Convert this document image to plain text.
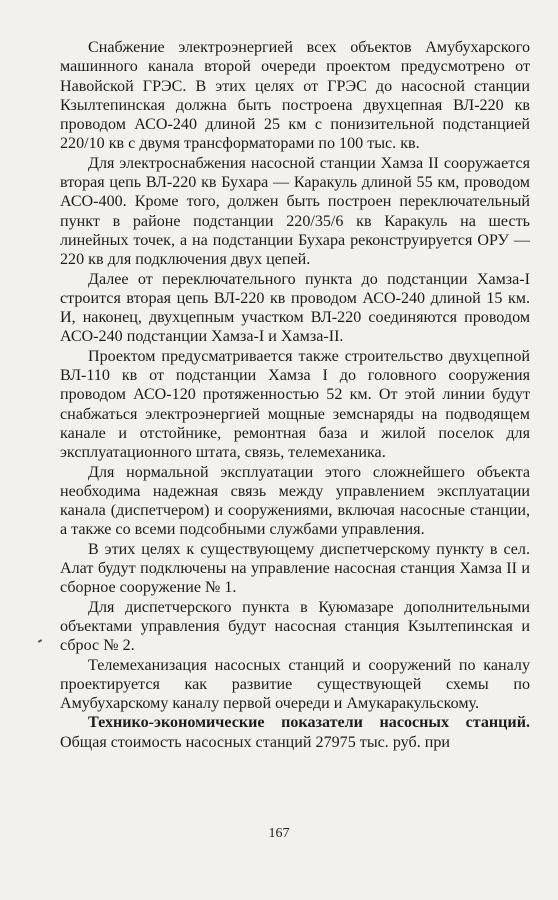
Снабжение электроэнергией всех объектов Амубухарского машинного канала второй очереди проектом предусмотрено от Навойской ГРЭС. В этих целях от ГРЭС до насосной станции Кзылтепинская должна быть построена двухцепная ВЛ-220 кв проводом АСО-240 длиной 25 км с понизительной подстанцией 220/10 кв с двумя трансформаторами по 100 тыс. кв.

Для электроснабжения насосной станции Хамза II сооружается вторая цепь ВЛ-220 кв Бухара — Каракуль длиной 55 км, проводом АСО-400. Кроме того, должен быть построен переключательный пункт в районе подстанции 220/35/6 кв Каракуль на шесть линейных точек, а на подстанции Бухара реконструируется ОРУ — 220 кв для подключения двух цепей.

Далее от переключательного пункта до подстанции Хамза-I строится вторая цепь ВЛ-220 кв проводом АСО-240 длиной 15 км. И, наконец, двухцепным участком ВЛ-220 соединяются проводом АСО-240 подстанции Хамза-I и Хамза-II.

Проектом предусматривается также строительство двухцепной ВЛ-110 кв от подстанции Хамза I до головного сооружения проводом АСО-120 протяженностью 52 км. От этой линии будут снабжаться электроэнергией мощные земснаряды на подводящем канале и отстойнике, ремонтная база и жилой поселок для эксплуатационного штата, связь, телемеханика.

Для нормальной эксплуатации этого сложнейшего объекта необходима надежная связь между управлением эксплуатации канала (диспетчером) и сооружениями, включая насосные станции, а также со всеми подсобными службами управления.

В этих целях к существующему диспетчерскому пункту в сел. Алат будут подключены на управление насосная станция Хамза II и сборное сооружение № 1.

Для диспетчерского пункта в Куюмазаре дополнительными объектами управления будут насосная станция Кзылтепинская и сброс № 2.

Телемеханизация насосных станций и сооружений по каналу проектируется как развитие существующей схемы по Амубухарскому каналу первой очереди и Амукаракульскому.

Технико-экономические показатели насосных станций. Общая стоимость насосных станций 27975 тыс. руб. при

167
